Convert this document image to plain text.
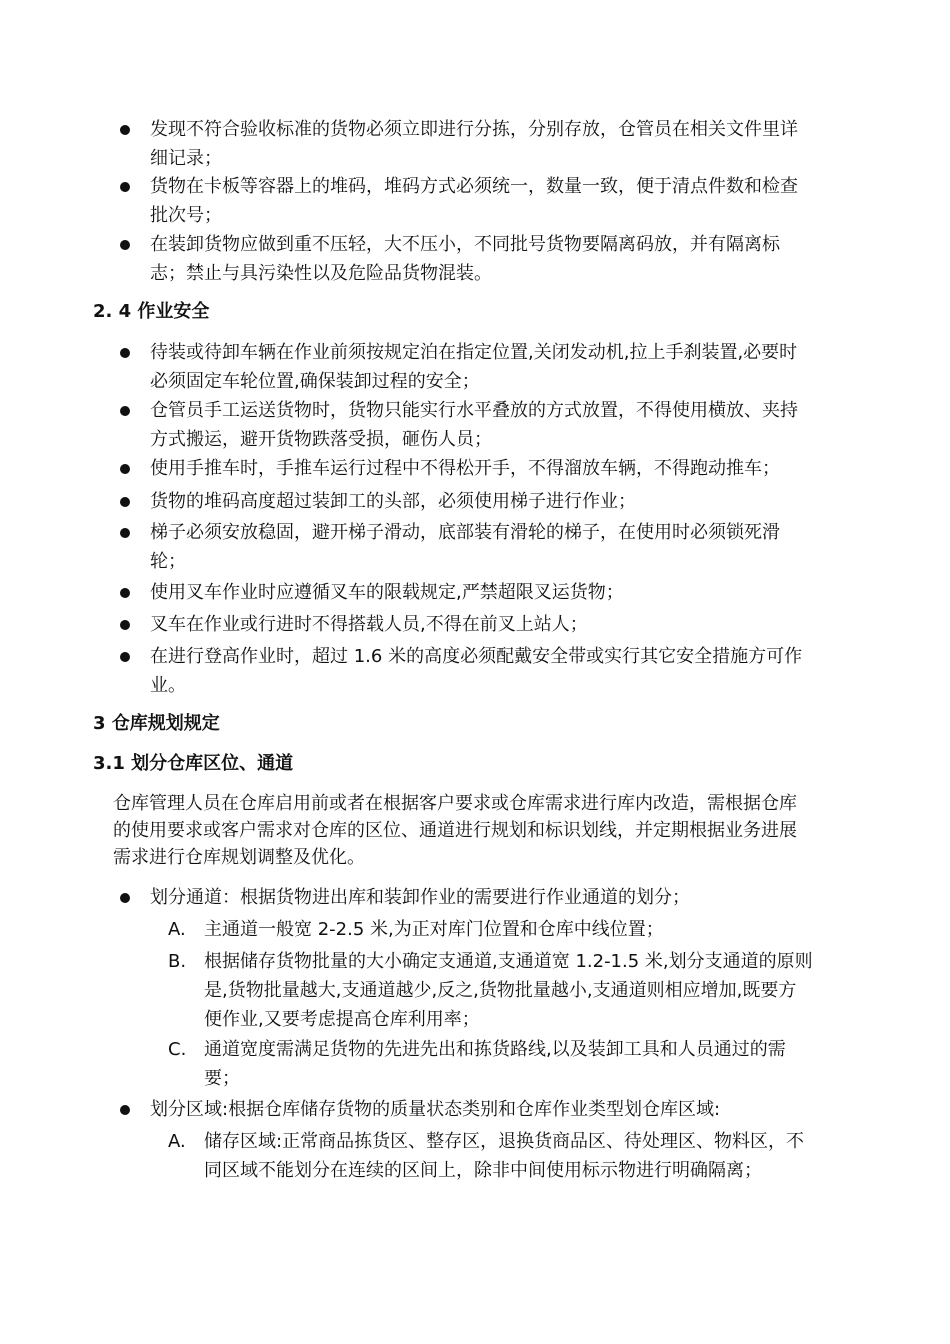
发现不符合验收标准的货物必须立即进行分拣，分别存放，仓管员在相关文件里详细记录；
货物在卡板等容器上的堆码，堆码方式必须统一，数量一致，便于清点件数和检查批次号；
在装卸货物应做到重不压轻，大不压小，不同批号货物要隔离码放，并有隔离标志；禁止与具污染性以及危险品货物混装。
2. 4 作业安全
待装或待卸车辆在作业前须按规定泊在指定位置,关闭发动机,拉上手刹装置,必要时必须固定车轮位置,确保装卸过程的安全；
仓管员手工运送货物时，货物只能实行水平叠放的方式放置，不得使用横放、夹持方式搬运，避开货物跌落受损，砸伤人员；
使用手推车时，手推车运行过程中不得松开手，不得溜放车辆，不得跑动推车；
货物的堆码高度超过装卸工的头部，必须使用梯子进行作业；
梯子必须安放稳固，避开梯子滑动，底部装有滑轮的梯子，在使用时必须锁死滑轮；
使用叉车作业时应遵循叉车的限载规定,严禁超限叉运货物；
叉车在作业或行进时不得搭载人员,不得在前叉上站人；
在进行登高作业时，超过 1.6 米的高度必须配戴安全带或实行其它安全措施方可作业。
3 仓库规划规定
3.1 划分仓库区位、通道
仓库管理人员在仓库启用前或者在根据客户要求或仓库需求进行库内改造，需根据仓库的使用要求或客户需求对仓库的区位、通道进行规划和标识划线，并定期根据业务进展需求进行仓库规划调整及优化。
划分通道：根据货物进出库和装卸作业的需要进行作业通道的划分；
A.	主通道一般宽 2-2.5 米,为正对库门位置和仓库中线位置；
B. 根据储存货物批量的大小确定支通道,支通道宽 1.2-1.5 米,划分支通道的原则是,货物批量越大,支通道越少,反之,货物批量越小,支通道则相应增加,既要方便作业,又要考虑提高仓库利用率；
C. 通道宽度需满足货物的先进先出和拣货路线,以及装卸工具和人员通过的需要；
划分区域:根据仓库储存货物的质量状态类别和仓库作业类型划仓库区域:
A.	储存区域:正常商品拣货区、整存区，退换货商品区、待处理区、物料区，不同区域不能划分在连续的区间上，除非中间使用标示物进行明确隔离；
